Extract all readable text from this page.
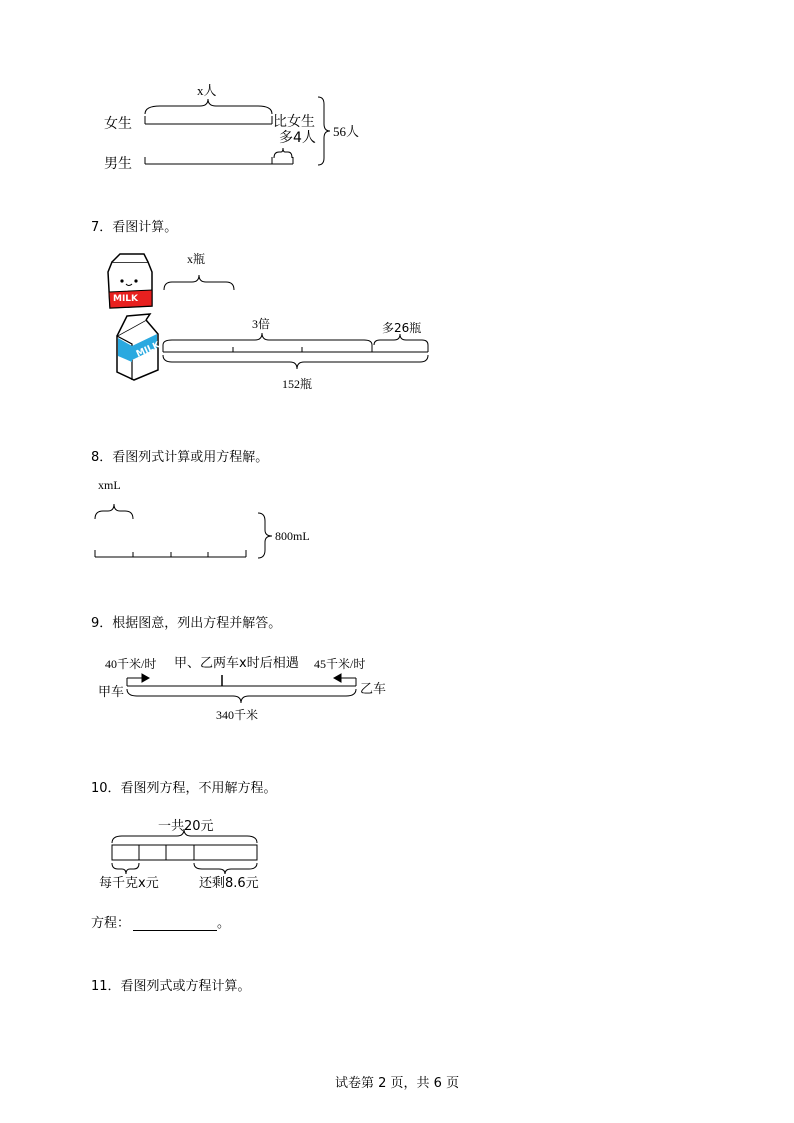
女生
男生
x人
比女生
多4人 56人
7．看图计算。
MILK
MILK
x瓶
3倍	多26瓶
152瓶
8．看图列式计算或用方程解。
xmL
800mL
9．根据图意，列出方程并解答。
40千米/时 甲、乙两车x时后相遇 45千米/时
甲车	乙车
340千米
10．看图列方程，不用解方程。
一共20元
每千克x元	还剩8.6元
方程：	。
11．看图列式或方程计算。
试卷第 2 页，共 6 页
